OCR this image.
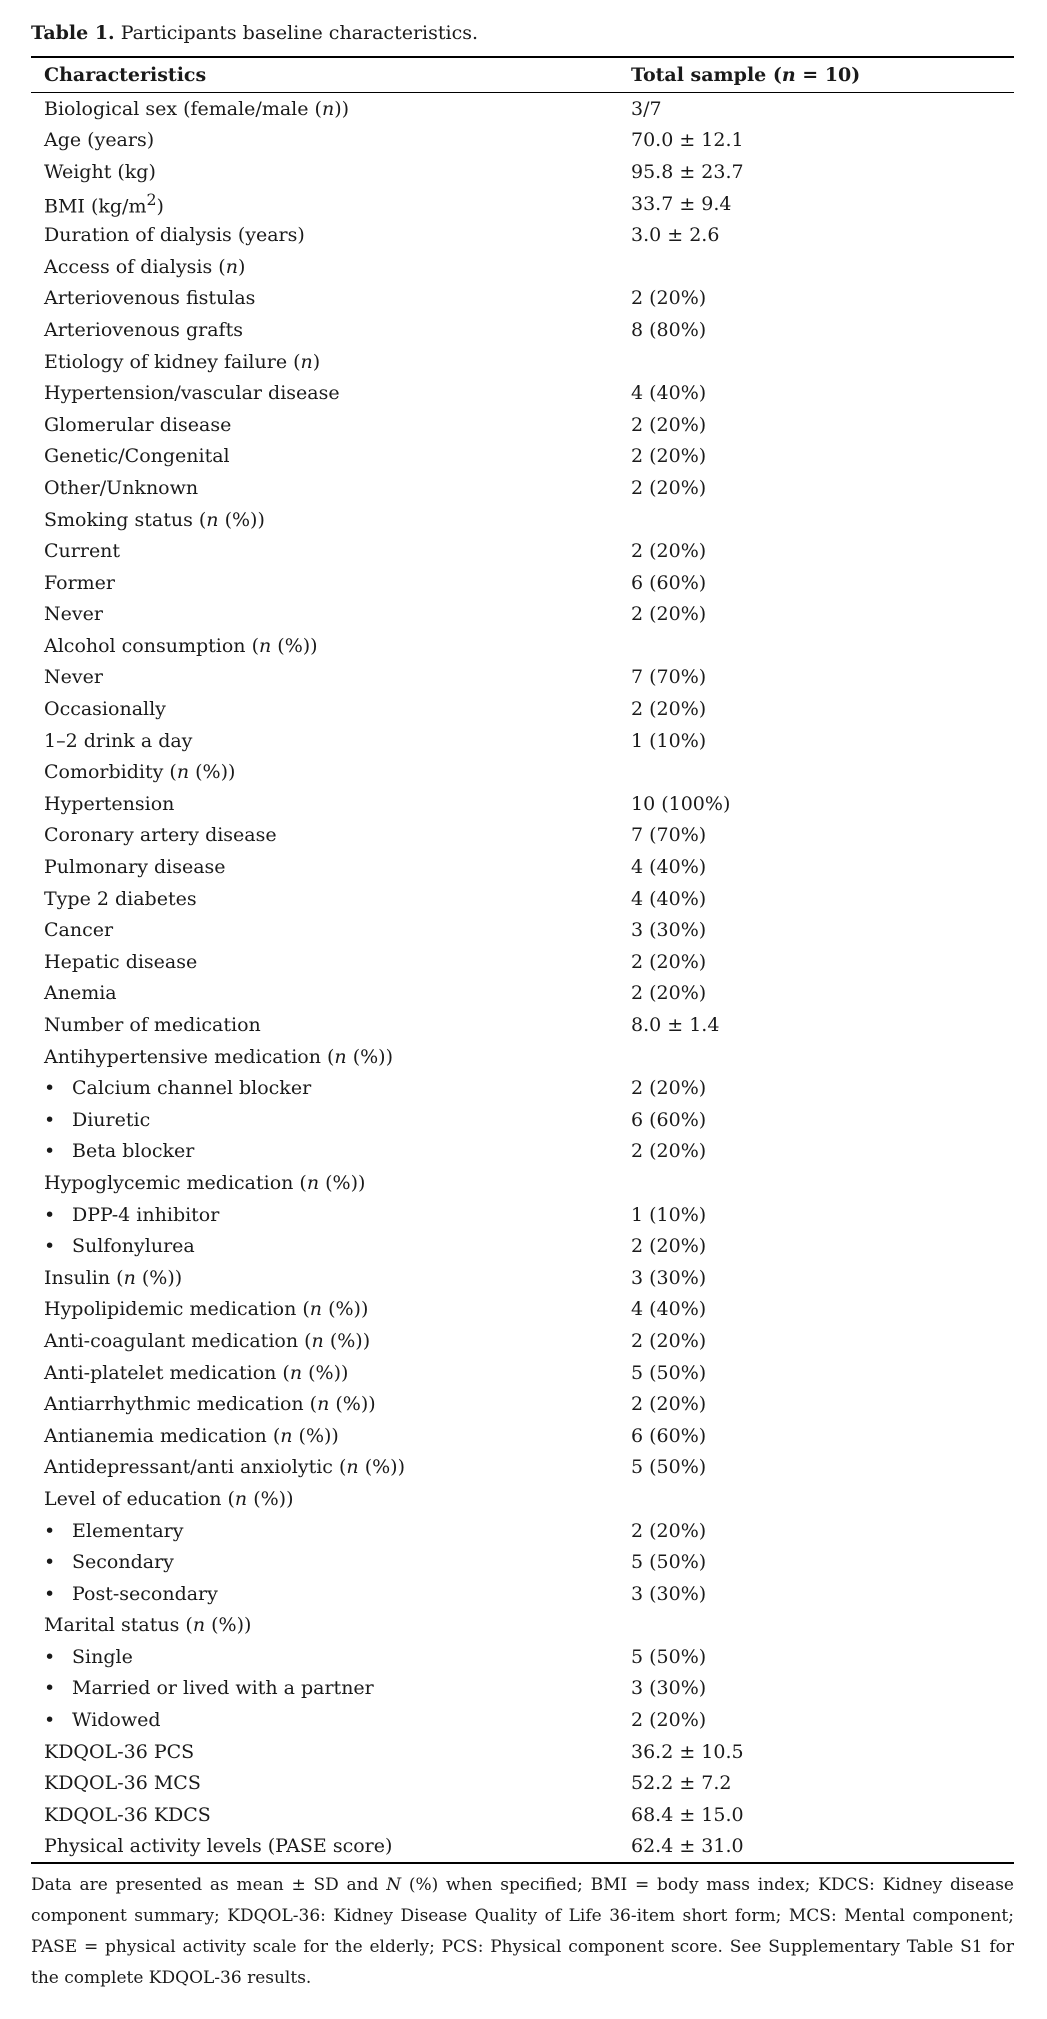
Table 1. Participants baseline characteristics.
Characteristics	Total sample (n = 10)
Biological sex (female/male (n))	3/7
Age (years)	70.0 ± 12.1
Weight (kg)	95.8 ± 23.7
BMI $(kg/m^2)$	33.7 ± 9.4
Duration of dialysis (years)	3.0 ± 2.6
Access of dialysis (n)	
Arteriovenous fistulas	2 (20%)
Arteriovenous grafts	8 (80%)
Etiology of kidney failure (n)	
Hypertension/vascular disease	4 (40%)
Glomerular disease	2 (20%)
Genetic/Congenital	2 (20%)
Other/Unknown	2 (20%)
Smoking status (n (%))	
Current	2 (20%)
Former	6 (60%)
Never	2 (20%)
Alcohol consumption (n (%))	
Never	7 (70%)
Occasionally	2 (20%)
1–2 drink a day	1 (10%)
Comorbidity (n (%))	
Hypertension	10 (100%)
Coronary artery disease	7 (70%)
Pulmonary disease	4 (40%)
Type 2 diabetes	4 (40%)
Cancer	3 (30%)
Hepatic disease	2 (20%)
Anemia	2 (20%)
Number of medication	8.0 ± 1.4
Antihypertensive medication (n (%))	
• Calcium channel blocker	2 (20%)
• Diuretic	6 (60%)
• Beta blocker	2 (20%)
Hypoglycemic medication (n (%))	
• DPP-4 inhibitor	1 (10%)
• Sulfonylurea	2 (20%)
Insulin (n (%))	3 (30%)
Hypolipidemic medication (n (%))	4 (40%)
Anti-coagulant medication (n (%))	2 (20%)
Anti-platelet medication (n (%))	5 (50%)
Antiarrhythmic medication (n (%))	2 (20%)
Antianemia medication (n (%))	6 (60%)
Antidepressant/anti anxiolytic (n (%))	5 (50%)
Level of education (n (%))	
• Elementary	2 (20%)
• Secondary	5 (50%)
• Post-secondary	3 (30%)
Marital status (n (%))	
• Single	5 (50%)
• Married or lived with a partner	3 (30%)
• Widowed	2 (20%)
KDQOL-36 PCS	36.2 ± 10.5
KDQOL-36 MCS	52.2 ± 7.2
KDQOL-36 KDCS	68.4 ± 15.0
Physical activity levels (PASE score)	62.4 ± 31.0
Data are presented as mean ± SD and N (%) when specified; BMI = body mass index; KDCS: Kidney disease component summary; KDQOL-36: Kidney Disease Quality of Life 36-item short form; MCS: Mental component; PASE = physical activity scale for the elderly; PCS: Physical component score. See Supplementary Table S1 for the complete KDQOL-36 results.
